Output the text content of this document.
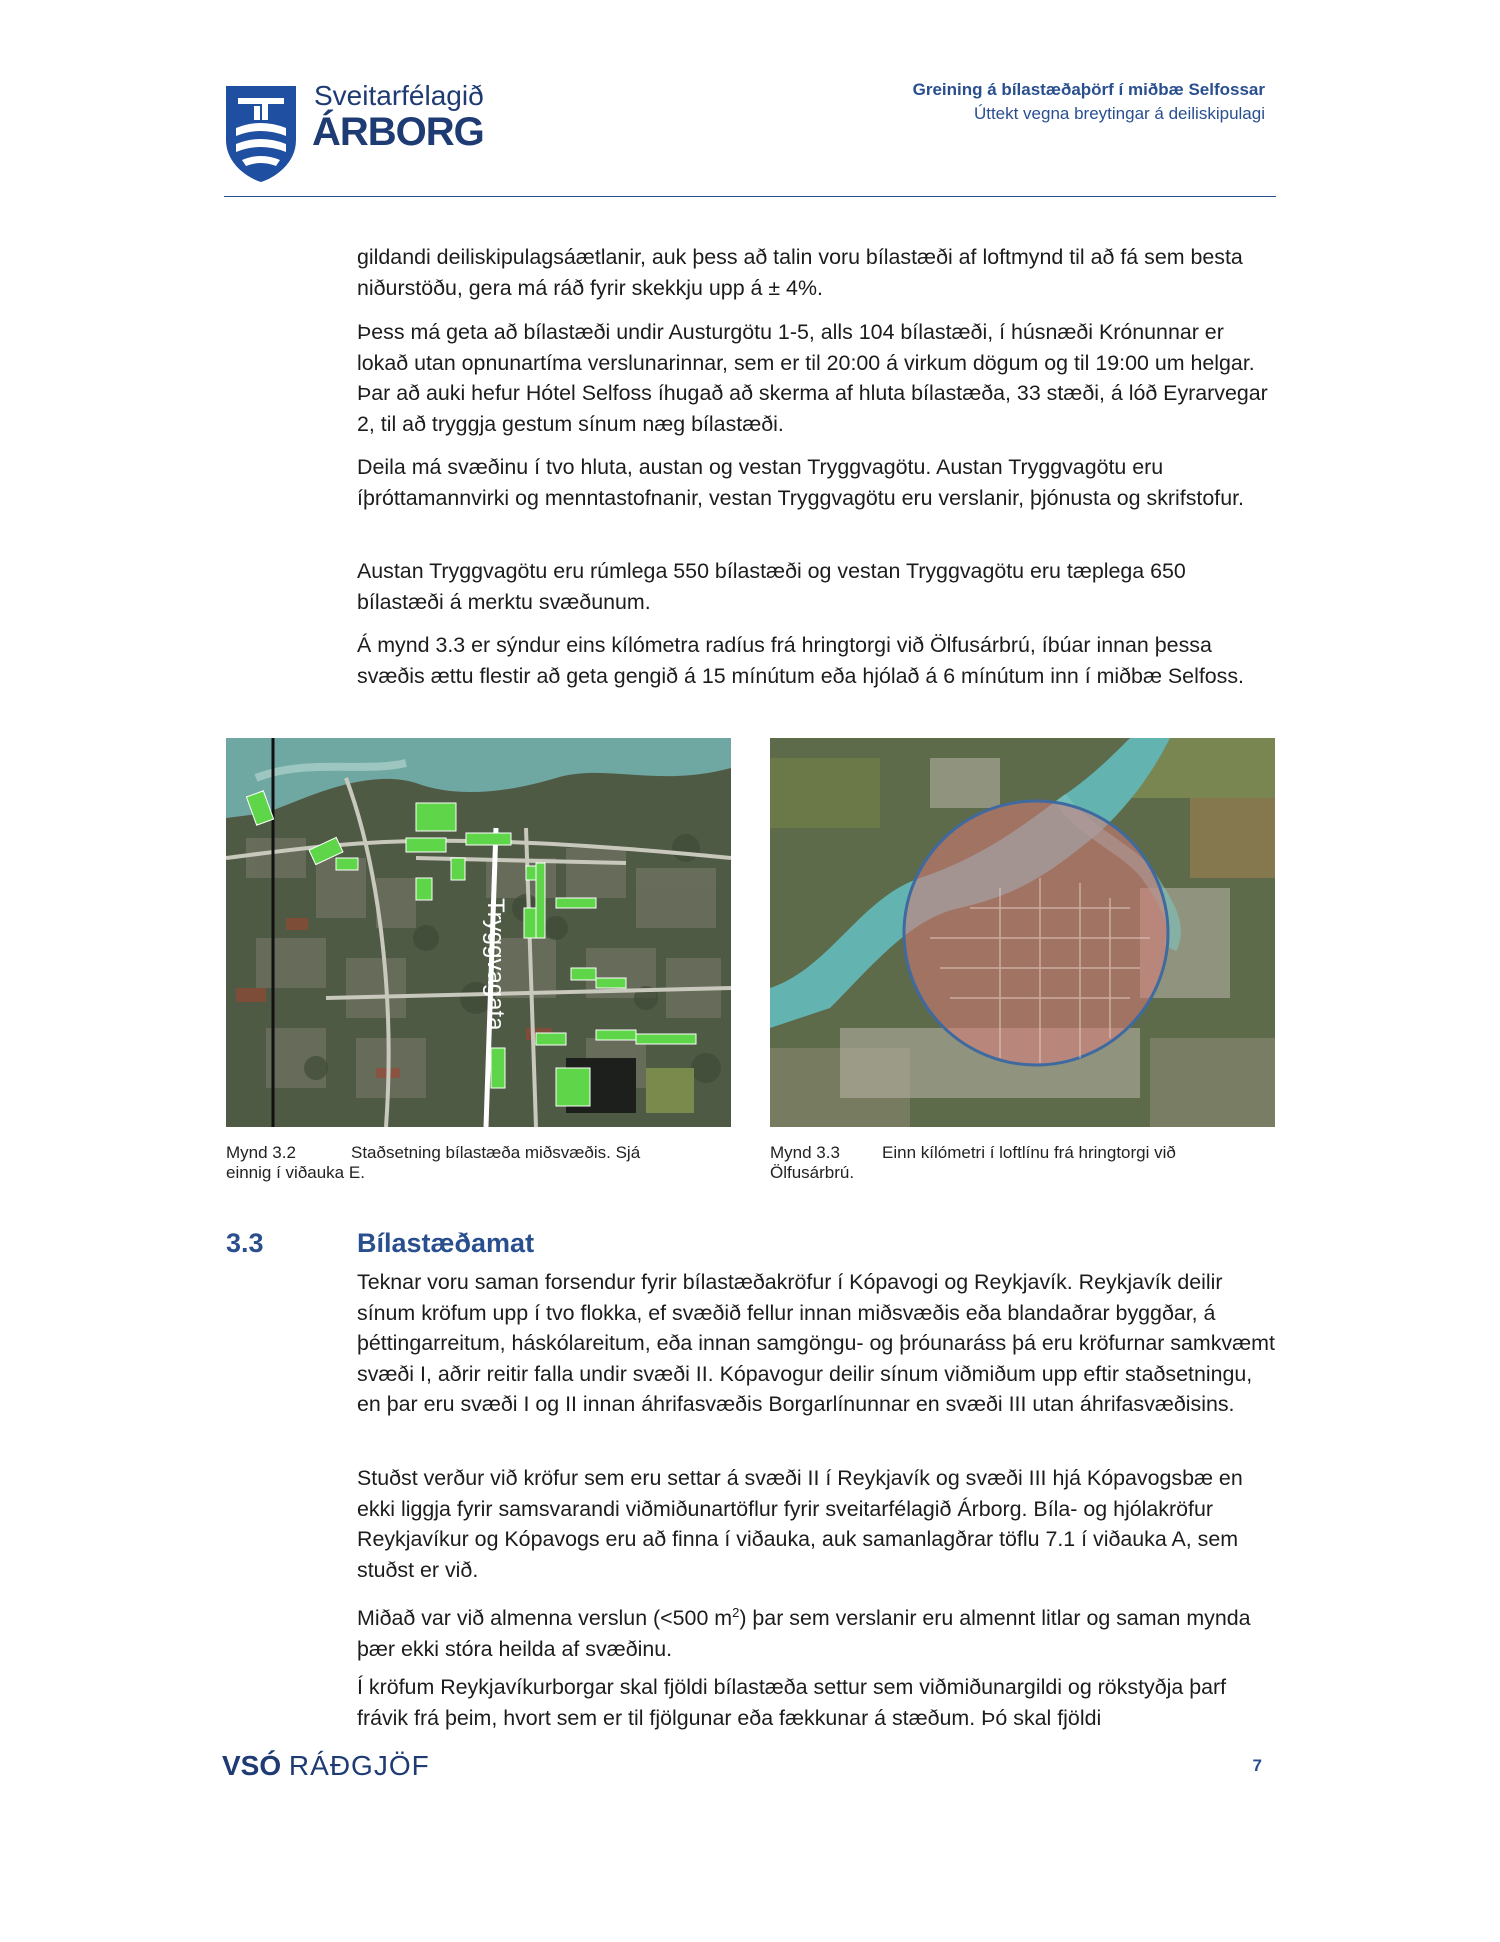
Sveitarfélagið
ÁRBORG
Greining á bílastæðaþörf í miðbæ Selfossar
Úttekt vegna breytingar á deiliskipulagi

gildandi deiliskipulagsáætlanir, auk þess að talin voru bílastæði af loftmynd til að fá sem besta niðurstöðu, gera má ráð fyrir skekkju upp á ± 4%.

Þess má geta að bílastæði undir Austurgötu 1-5, alls 104 bílastæði, í húsnæði Krónunnar er lokað utan opnunartíma verslunarinnar, sem er til 20:00 á virkum dögum og til 19:00 um helgar. Þar að auki hefur Hótel Selfoss íhugað að skerma af hluta bílastæða, 33 stæði, á lóð Eyrarvegar 2, til að tryggja gestum sínum næg bílastæði.

Deila má svæðinu í tvo hluta, austan og vestan Tryggvagötu. Austan Tryggvagötu eru íþróttamannvirki og menntastofnanir, vestan Tryggvagötu eru verslanir, þjónusta og skrifstofur.

Austan Tryggvagötu eru rúmlega 550 bílastæði og vestan Tryggvagötu eru tæplega 650 bílastæði á merktu svæðunum.

Á mynd 3.3 er sýndur eins kílómetra radíus frá hringtorgi við Ölfusárbrú, íbúar innan þessa svæðis ættu flestir að geta gengið á 15 mínútum eða hjólað á 6 mínútum inn í miðbæ Selfoss.

Tryggvagata
Mynd 3.2	Staðsetning bílastæða miðsvæðis. Sjá
einnig í viðauka E.
Mynd 3.3 Einn kílómetri í loftlínu frá hringtorgi við
Ölfusárbrú.
3.3	Bílastæðamat

Teknar voru saman forsendur fyrir bílastæðakröfur í Kópavogi og Reykjavík. Reykjavík deilir sínum kröfum upp í tvo flokka, ef svæðið fellur innan miðsvæðis eða blandaðrar byggðar, á þéttingarreitum, háskólareitum, eða innan samgöngu- og þróunaráss þá eru kröfurnar samkvæmt svæði I, aðrir reitir falla undir svæði II. Kópavogur deilir sínum viðmiðum upp eftir staðsetningu, en þar eru svæði I og II innan áhrifasvæðis Borgarlínunnar en svæði III utan áhrifasvæðisins.

Stuðst verður við kröfur sem eru settar á svæði II í Reykjavík og svæði III hjá Kópavogsbæ en ekki liggja fyrir samsvarandi viðmiðunartöflur fyrir sveitarfélagið Árborg. Bíla- og hjólakröfur Reykjavíkur og Kópavogs eru að finna í viðauka, auk samanlagðrar töflu 7.1 í viðauka A, sem stuðst er við.

Miðað var við almenna verslun (<500 $m^2$) þar sem verslanir eru almennt litlar og saman mynda þær ekki stóra heilda af svæðinu.

Í kröfum Reykjavíkurborgar skal fjöldi bílastæða settur sem viðmiðunargildi og rökstyðja þarf frávik frá þeim, hvort sem er til fjölgunar eða fækkunar á stæðum. Þó skal fjöldi

VSÓ RÁÐGJÖF	7
